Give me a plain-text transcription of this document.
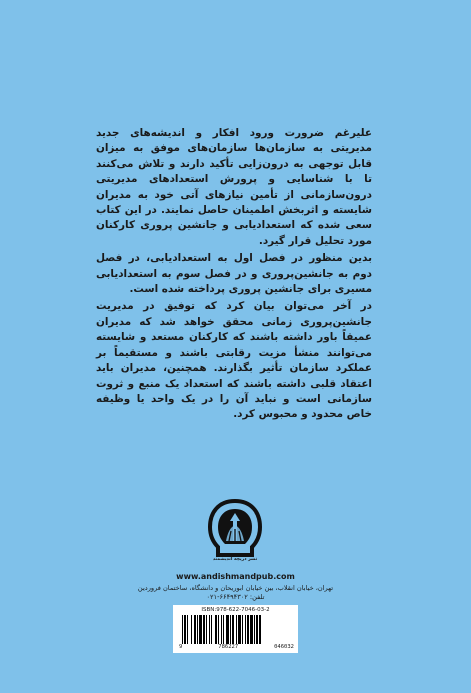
علیرغم ضرورت ورود افکار و اندیشه‌های جدید مدیریتی به سازمان‌ها سازمان‌های موفق به میزان قابل توجهی به درون‌زایی تأکید دارند و تلاش می‌کنند تا با شناسایی و پرورش استعدادهای مدیریتی درون‌سازمانی از تأمین نیازهای آتی خود به مدیران شایسته و اثربخش اطمینان حاصل نمایند. در این کتاب سعی شده که استعدادیابی و جانشین پروری کارکنان مورد تحلیل قرار گیرد.

بدین منظور در فصل اول به استعدادیابی، در فصل دوم به جانشین‌پروری و در فصل سوم به استعدادیابی مسیری برای جانشین پروری پرداخته شده است.

در آخر می‌توان بیان کرد که توفیق در مدیریت جانشین‌پروری زمانی محقق خواهد شد که مدیران عمیقاً باور داشته باشند که کارکنان مستعد و شایسته می‌توانند منشأ مزیت رقابتی باشند و مستقیماً بر عملکرد سازمان تأثیر بگذارند. همچنین، مدیران باید اعتقاد قلبی داشته باشند که استعداد یک منبع و ثروت سازمانی است و نباید آن را در یک واحد یا وظیفه خاص محدود و محبوس کرد.

نشر دریچه اندیشمند
www.andishmandpub.com
تهران، خیابان انقلاب، بین خیابان ابوریحان و دانشگاه، ساختمان فروردین
تلفن: ۶۶۴۹۴۳۰۲-۰۲۱
ISBN:978-622-7046-03-2
9	786227	046032
